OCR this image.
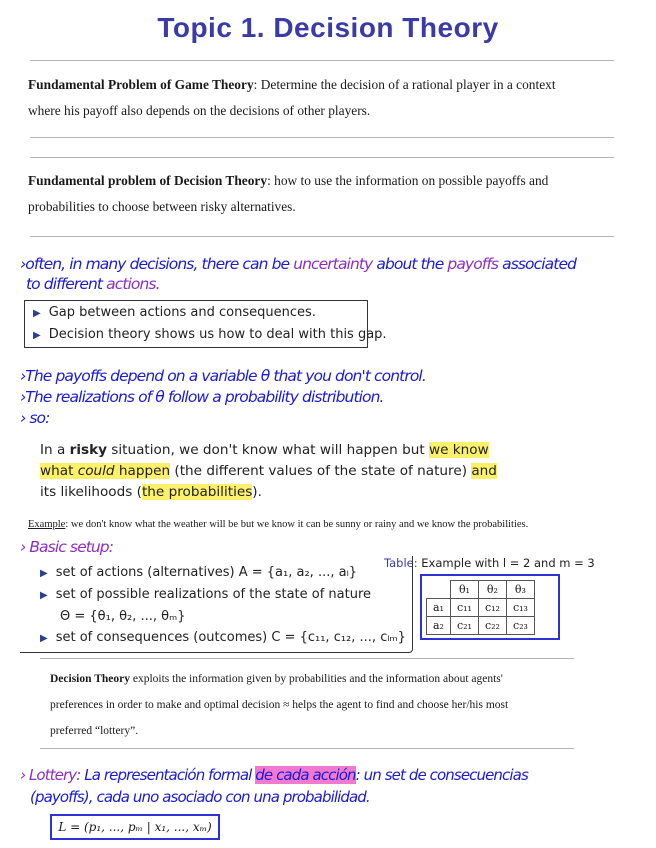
Topic 1. Decision Theory
Fundamental Problem of Game Theory: Determine the decision of a rational player in a context
where his payoff also depends on the decisions of other players.
Fundamental problem of Decision Theory: how to use the information on possible payoffs and
probabilities to choose between risky alternatives.
›often, in many decisions, there can be uncertainty about the payoffs associated
to different actions.
▶ Gap between actions and consequences.
▶ Decision theory shows us how to deal with this gap.
›The payoffs depend on a variable θ that you don't control.
›The realizations of θ follow a probability distribution.
› so:
In a risky situation, we don't know what will happen but we know
what could happen (the different values of the state of nature) and
its likelihoods (the probabilities).
Example: we don't know what the weather will be but we know it can be sunny or rainy and we know the probabilities.
› Basic setup:
▶ set of actions (alternatives) A = {a₁, a₂, ..., aₗ}
▶ set of possible realizations of the state of nature
Θ = {θ₁, θ₂, ..., θₘ}
▶ set of consequences (outcomes) C = {c₁₁, c₁₂, ..., cₗₘ}
Table: Example with l = 2 and m = 3
	θ₁	θ₂	θ₃
a₁	c₁₁	c₁₂	c₁₃
a₂	c₂₁	c₂₂	c₂₃
Decision Theory exploits the information given by probabilities and the information about agents'
preferences in order to make and optimal decision ≈ helps the agent to find and choose her/his most
preferred “lottery”.
› Lottery: La representación formal de cada acción: un set de consecuencias
(payoffs), cada uno asociado con una probabilidad.
L = (p₁, ..., pₘ | x₁, ..., xₘ)
